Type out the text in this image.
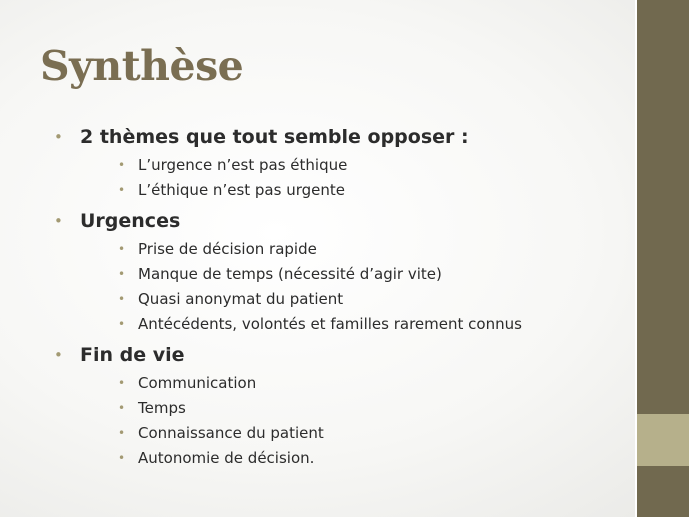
Synthèse
• 2 thèmes que tout semble opposer :
• L’urgence n’est pas éthique
• L’éthique n’est pas urgente
• Urgences
• Prise de décision rapide
• Manque de temps (nécessité d’agir vite)
• Quasi anonymat du patient
• Antécédents, volontés et familles rarement connus
• Fin de vie
• Communication
• Temps
• Connaissance du patient
• Autonomie de décision.
